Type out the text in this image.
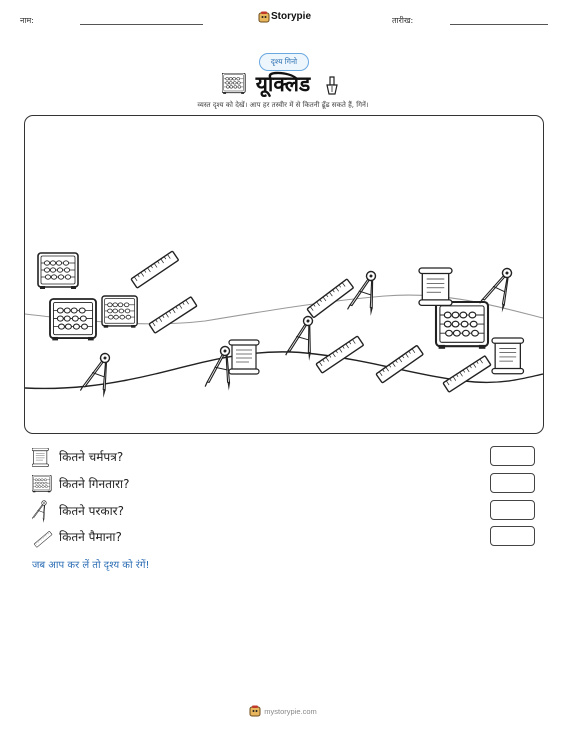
नाम:	Storypie	तारीख:
दृश्य गिनो
यूक्लिड
व्यस्त दृश्य को देखें। आप हर तस्वीर में से कितनी ढूँढ सकते हैं, गिनें।
कितने चर्मपत्र?
कितने गिनतारा?
कितने परकार?
कितने पैमाना?
जब आप कर लें तो दृश्य को रंगें!
mystorypie.com
